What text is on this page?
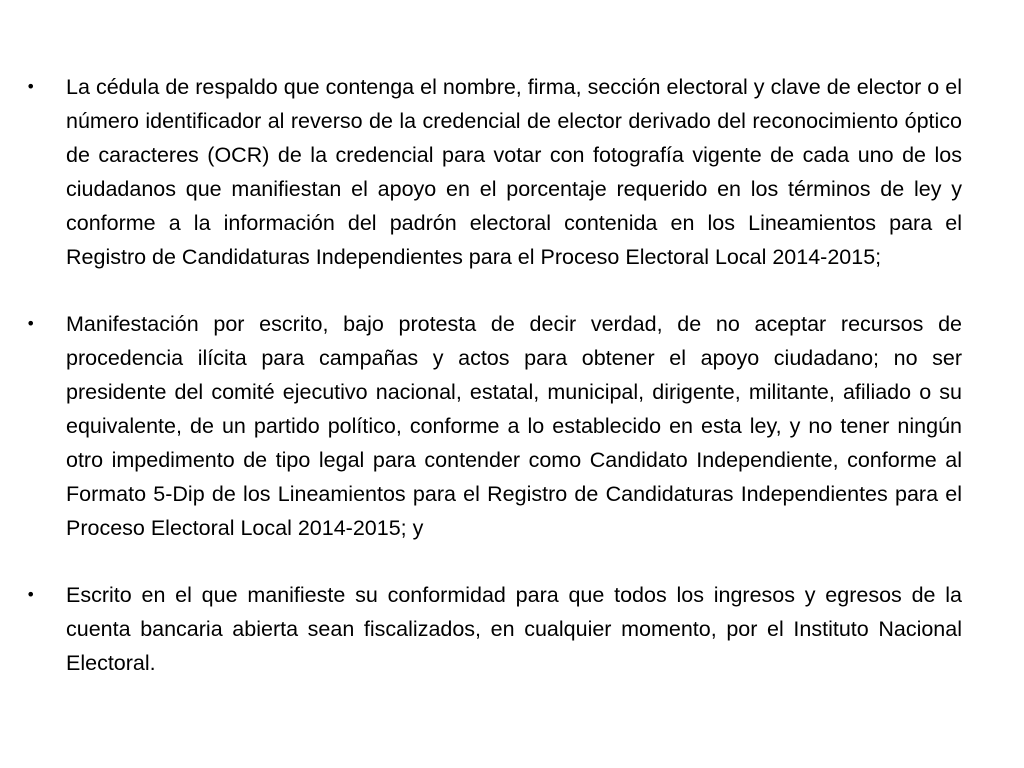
• La cédula de respaldo que contenga el nombre, firma, sección electoral y clave de elector o el número identificador al reverso de la credencial de elector derivado del reconocimiento óptico de caracteres (OCR) de la credencial para votar con fotografía vigente de cada uno de los ciudadanos que manifiestan el apoyo en el porcentaje requerido en los términos de ley y conforme a la información del padrón electoral contenida en los Lineamientos para el Registro de Candidaturas Independientes para el Proceso Electoral Local 2014-2015;
• Manifestación por escrito, bajo protesta de decir verdad, de no aceptar recursos de procedencia ilícita para campañas y actos para obtener el apoyo ciudadano; no ser presidente del comité ejecutivo nacional, estatal, municipal, dirigente, militante, afiliado o su equivalente, de un partido político, conforme a lo establecido en esta ley, y no tener ningún otro impedimento de tipo legal para contender como Candidato Independiente, conforme al Formato 5-Dip de los Lineamientos para el Registro de Candidaturas Independientes para el Proceso Electoral Local 2014-2015; y
• Escrito en el que manifieste su conformidad para que todos los ingresos y egresos de la cuenta bancaria abierta sean fiscalizados, en cualquier momento, por el Instituto Nacional Electoral.
